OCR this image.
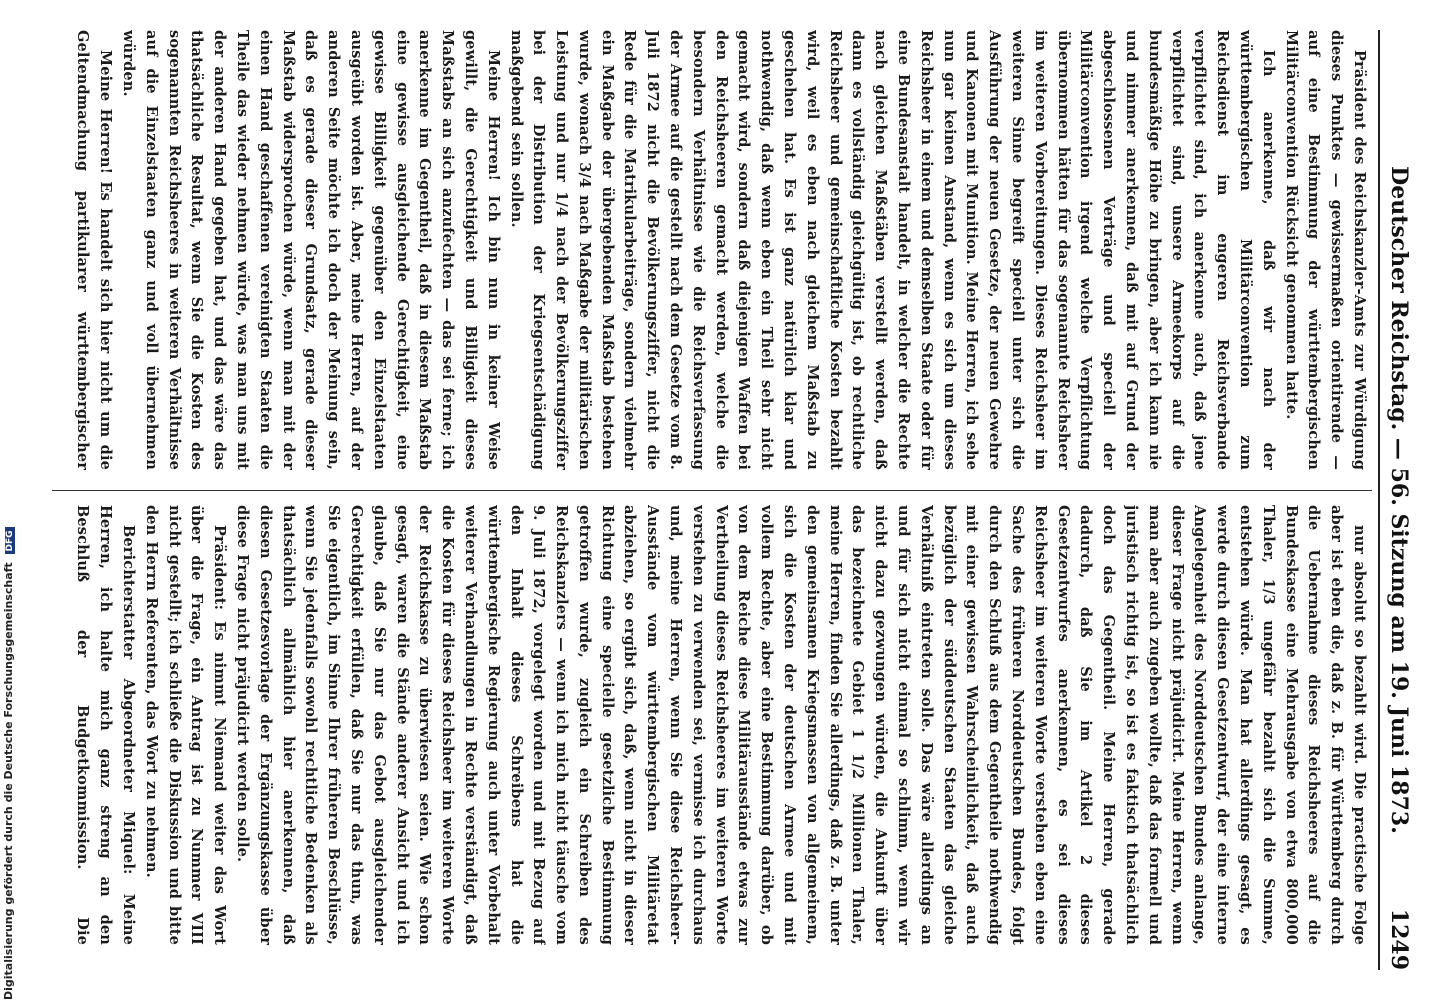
Deutscher Reichstag. — 56. Sitzung am 19. Juni 1873.
1249

Präsident des Reichskanzler-Amts zur Würdigung dieses Punktes — gewissermaßen orientirende — auf eine Bestimmung der württembergischen Militärconvention Rücksicht genommen hatte.

Ich anerkenne, daß wir nach der württembergischen Militärconvention zum Reichsdienst im engeren Reichsverbande verpflichtet sind, ich anerkenne auch, daß jene verpflichtet sind, unsere Armeekorps auf die bundesmäßige Höhe zu bringen, aber ich kann nie und nimmer anerkennen, daß mit auf Grund der abgeschlossenen Verträge und speciell der Militärconvention irgend welche Verpflichtung übernommen hätten für das sogenannte Reichsheer im weiteren Vorbereitungen. Dieses Reichsheer im weiteren Sinne begreift speciell unter sich die Ausführung der neuen Gesetze, der neuen Gewehre und Kanonen mit Munition. Meine Herren, ich sehe nun gar keinen Anstand, wenn es sich um dieses Reichsheer in einem und demselben Staate oder für eine Bundesanstalt handelt, in welcher die Rechte nach gleichen Maßstäben verstellt werden, daß dann es vollständig gleichgültig ist, ob rechtliche Reichsheer und gemeinschaftliche Kosten bezahlt wird, weil es eben nach gleichem Maßstab zu geschehen hat. Es ist ganz natürlich klar und nothwendig, daß wenn eben ein Theil sehr nicht gemacht wird, sondern daß diejenigen Waffen bei den Reichsheeren gemacht werden, welche die besondern Verhältnisse wie die Reichsverfassung der Armee auf die gestellt nach dem Gesetze vom 8. Juli 1872 nicht die Bevölkerungsziffer, nicht die Rede für die Matrikularbeiträge, sondern vielmehr ein Maßgabe der übergebenden Maßstab bestehen wurde, wonach 3/4 nach Maßgabe der militärischen Leistung und nur 1/4 nach der Bevölkerungsziffer bei der Distribution der Kriegsentschädigung maßgebend sein sollen.

Meine Herren! Ich bin nun in keiner Weise gewillt, die Gerechtigkeit und Billigkeit dieses Maßstabs an sich anzufechten — das sei ferne; ich anerkenne im Gegentheil, daß in diesem Maßstab eine gewisse ausgleichende Gerechtigkeit, eine gewisse Billigkeit gegenüber den Einzelstaaten ausgeübt worden ist. Aber, meine Herren, auf der anderen Seite möchte ich doch der Meinung sein, daß es gerade dieser Grundsatz, gerade dieser Maßstab widersprochen würde, wenn man mit der einen Hand geschaffenen vereinigten Staaten die Theile das wieder nehmen würde, was man uns mit der anderen Hand gegeben hat, und das wäre das thatsächliche Resultat, wenn Sie die Kosten des sogenannten Reichsheeres in weiteren Verhältnisse auf die Einzelstaaten ganz und voll übernehmen würden.

Meine Herren! Es handelt sich hier nicht um die Geltendmachung partikularer württembergischer

nur absolut so bezahlt wird. Die practische Folge aber ist eben die, daß z. B. für Württemberg durch die Uebernahme dieses Reichsheeres auf die Bundeskasse eine Mehrausgabe von etwa 800,000 Thaler, 1/3 ungefähr bezahlt sich die Summe, entstehen würde. Man hat allerdings gesagt, es werde durch diesen Gesetzentwurf, der eine interne Angelegenheit des Norddeutschen Bundes anlange, dieser Frage nicht präjudicirt. Meine Herren, wenn man aber auch zugeben wollte, daß das formell und juristisch richtig ist, so ist es faktisch thatsächlich doch das Gegentheil. Meine Herren, gerade dadurch, daß Sie im Artikel 2 dieses Gesetzentwurfes anerkennen, es sei dieses Reichsheer im weiteren Worte verstehen eben eine Sache des früheren Norddeutschen Bundes, folgt durch den Schluß aus dem Gegentheile nothwendig mit einer gewissen Wahrscheinlichkeit, daß auch bezüglich der süddeutschen Staaten das gleiche Verhältniß eintreten solle. Das wäre allerdings an und für sich nicht einmal so schlimm, wenn wir nicht dazu gezwungen würden, die Ankunft über das bezeichnete Gebiet 1 1/2 Millionen Thaler, meine Herren, finden Sie allerdings, daß z. B. unter den gemeinsamen Kriegsmassen von allgemeinem, sich die Kosten der deutschen Armee und mit vollem Rechte, aber eine Bestimmung darüber, ob von dem Reiche diese Militärausstände etwas zur Vertheilung dieses Reichsheeres im weiteren Worte verstehen zu verwenden sei, vermisse ich durchaus und, meine Herren, wenn Sie diese Reichsheer-Ausstände vom württembergischen Militäretat abziehen, so ergibt sich, daß, wenn nicht in dieser Richtung eine specielle gesetzliche Bestimmung getroffen wurde, zugleich ein Schreiben des Reichskanzlers — wenn ich mich nicht täusche vom 9. Juli 1872, vorgelegt worden und mit Bezug auf den Inhalt dieses Schreibens hat die württembergische Regierung auch unter Vorbehalt weiterer Verhandlungen in Rechte verständigt, daß die Kosten für dieses Reichsheer im weiteren Worte der Reichskasse zu überwiesen seien. Wie schon gesagt, waren die Stände anderer Ansicht und ich glaube, daß Sie nur das Gebot ausgleichender Gerechtigkeit erfüllen, daß Sie nur das thun, was Sie eigentlich, im Sinne Ihrer früheren Beschlüsse, wenn Sie jedenfalls sowohl rechtliche Bedenken als thatsächlich allmählich hier anerkennen, daß diesen Gesetzesvorlage der Ergänzungskasse über diese Frage nicht präjudicirt werden solle.

Präsident: Es nimmt Niemand weiter das Wort über die Frage, ein Antrag ist zu Nummer VIII nicht gestellt; ich schließe die Diskussion und bitte den Herrn Referenten, das Wort zu nehmen.

Berichterstatter Abgeordneter Miquel: Meine Herren, ich halte mich ganz streng an den Beschluß der Budgetkommission. Die

Digitalisierung gefördert durch die Deutsche Forschungsgemeinschaft DFG
